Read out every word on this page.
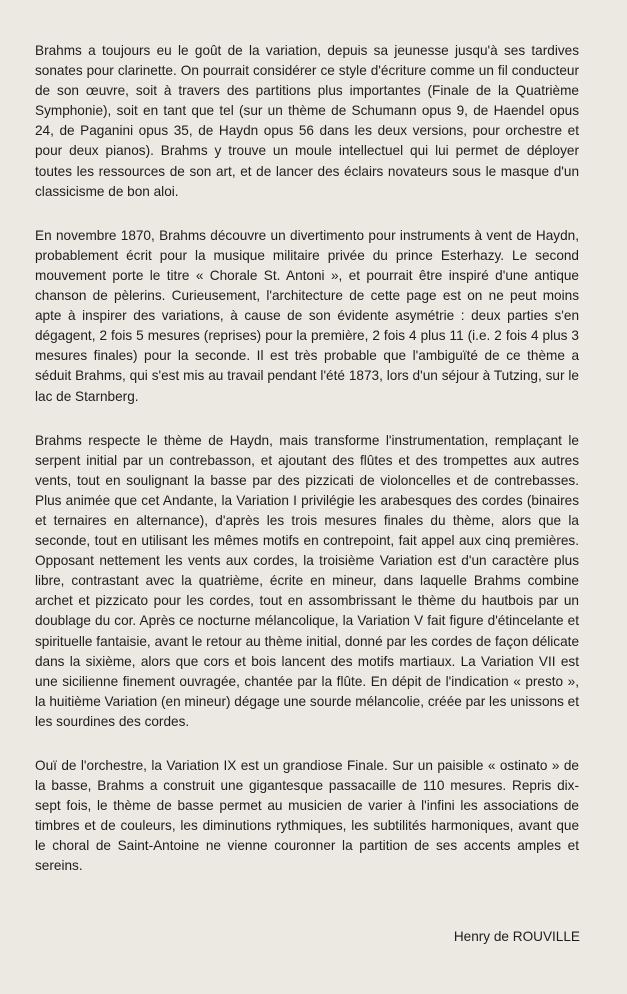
Brahms a toujours eu le goût de la variation, depuis sa jeunesse jusqu'à ses tardives sonates pour clarinette. On pourrait considérer ce style d'écriture comme un fil conducteur de son œuvre, soit à travers des partitions plus importantes (Finale de la Quatrième Symphonie), soit en tant que tel (sur un thème de Schumann opus 9, de Haendel opus 24, de Paganini opus 35, de Haydn opus 56 dans les deux versions, pour orchestre et pour deux pianos). Brahms y trouve un moule intellectuel qui lui permet de déployer toutes les ressources de son art, et de lancer des éclairs novateurs sous le masque d'un classicisme de bon aloi.

En novembre 1870, Brahms découvre un divertimento pour instruments à vent de Haydn, probablement écrit pour la musique militaire privée du prince Esterhazy. Le second mouvement porte le titre « Chorale St. Antoni », et pourrait être inspiré d'une antique chanson de pèlerins. Curieusement, l'architecture de cette page est on ne peut moins apte à inspirer des variations, à cause de son évidente asymétrie : deux parties s'en dégagent, 2 fois 5 mesures (reprises) pour la première, 2 fois 4 plus 11 (i.e. 2 fois 4 plus 3 mesures finales) pour la seconde. Il est très probable que l'ambiguïté de ce thème a séduit Brahms, qui s'est mis au travail pendant l'été 1873, lors d'un séjour à Tutzing, sur le lac de Starnberg.

Brahms respecte le thème de Haydn, mais transforme l'instrumentation, remplaçant le serpent initial par un contrebasson, et ajoutant des flûtes et des trompettes aux autres vents, tout en soulignant la basse par des pizzicati de violoncelles et de contrebasses. Plus animée que cet Andante, la Variation I privilégie les arabesques des cordes (binaires et ternaires en alternance), d'après les trois mesures finales du thème, alors que la seconde, tout en utilisant les mêmes motifs en contrepoint, fait appel aux cinq premières. Opposant nettement les vents aux cordes, la troisième Variation est d'un caractère plus libre, contrastant avec la quatrième, écrite en mineur, dans laquelle Brahms combine archet et pizzicato pour les cordes, tout en assombrissant le thème du hautbois par un doublage du cor. Après ce nocturne mélancolique, la Variation V fait figure d'étincelante et spirituelle fantaisie, avant le retour au thème initial, donné par les cordes de façon délicate dans la sixième, alors que cors et bois lancent des motifs martiaux. La Variation VII est une sicilienne finement ouvragée, chantée par la flûte. En dépit de l'indication « presto », la huitième Variation (en mineur) dégage une sourde mélancolie, créée par les unissons et les sourdines des cordes.

Ouï de l'orchestre, la Variation IX est un grandiose Finale. Sur un paisible « ostinato » de la basse, Brahms a construit une gigantesque passacaille de 110 mesures. Repris dix-sept fois, le thème de basse permet au musicien de varier à l'infini les associations de timbres et de couleurs, les diminutions rythmiques, les subtilités harmoniques, avant que le choral de Saint-Antoine ne vienne couronner la partition de ses accents amples et sereins.

Henry de ROUVILLE
